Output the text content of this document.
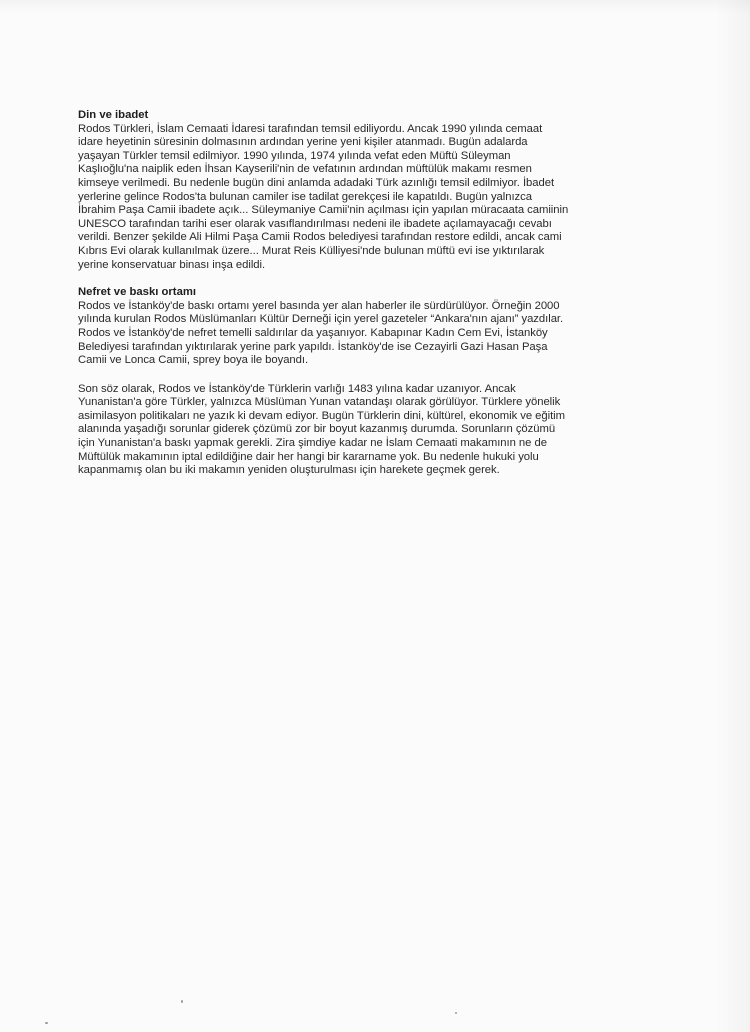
Din ve ibadet
Rodos Türkleri, İslam Cemaati İdaresi tarafından temsil ediliyordu. Ancak 1990 yılında cemaat
idare heyetinin süresinin dolmasının ardından yerine yeni kişiler atanmadı. Bugün adalarda
yaşayan Türkler temsil edilmiyor. 1990 yılında, 1974 yılında vefat eden Müftü Süleyman
Kaşlıoğlu'na naiplik eden İhsan Kayserili'nin de vefatının ardından müftülük makamı resmen
kimseye verilmedi. Bu nedenle bugün dini anlamda adadaki Türk azınlığı temsil edilmiyor. İbadet
yerlerine gelince Rodos'ta bulunan camiler ise tadilat gerekçesi ile kapatıldı. Bugün yalnızca
İbrahim Paşa Camii ibadete açık... Süleymaniye Camii'nin açılması için yapılan müracaata camiinin
UNESCO tarafından tarihi eser olarak vasıflandırılması nedeni ile ibadete açılamayacağı cevabı
verildi. Benzer şekilde Ali Hilmi Paşa Camii Rodos belediyesi tarafından restore edildi, ancak cami
Kıbrıs Evi olarak kullanılmak üzere... Murat Reis Külliyesi'nde bulunan müftü evi ise yıktırılarak
yerine konservatuar binası inşa edildi.
Nefret ve baskı ortamı
Rodos ve İstanköy'de baskı ortamı yerel basında yer alan haberler ile sürdürülüyor. Örneğin 2000
yılında kurulan Rodos Müslümanları Kültür Derneği için yerel gazeteler “Ankara'nın ajanı” yazdılar.
Rodos ve İstanköy'de nefret temelli saldırılar da yaşanıyor. Kabapınar Kadın Cem Evi, İstanköy
Belediyesi tarafından yıktırılarak yerine park yapıldı. İstanköy'de ise Cezayirli Gazi Hasan Paşa
Camii ve Lonca Camii, sprey boya ile boyandı.
Son söz olarak, Rodos ve İstanköy'de Türklerin varlığı 1483 yılına kadar uzanıyor. Ancak
Yunanistan'a göre Türkler, yalnızca Müslüman Yunan vatandaşı olarak görülüyor. Türklere yönelik
asimilasyon politikaları ne yazık ki devam ediyor. Bugün Türklerin dini, kültürel, ekonomik ve eğitim
alanında yaşadığı sorunlar giderek çözümü zor bir boyut kazanmış durumda. Sorunların çözümü
için Yunanistan'a baskı yapmak gerekli. Zira şimdiye kadar ne İslam Cemaati makamının ne de
Müftülük makamının iptal edildiğine dair her hangi bir kararname yok. Bu nedenle hukuki yolu
kapanmamış olan bu iki makamın yeniden oluşturulması için harekete geçmek gerek.
